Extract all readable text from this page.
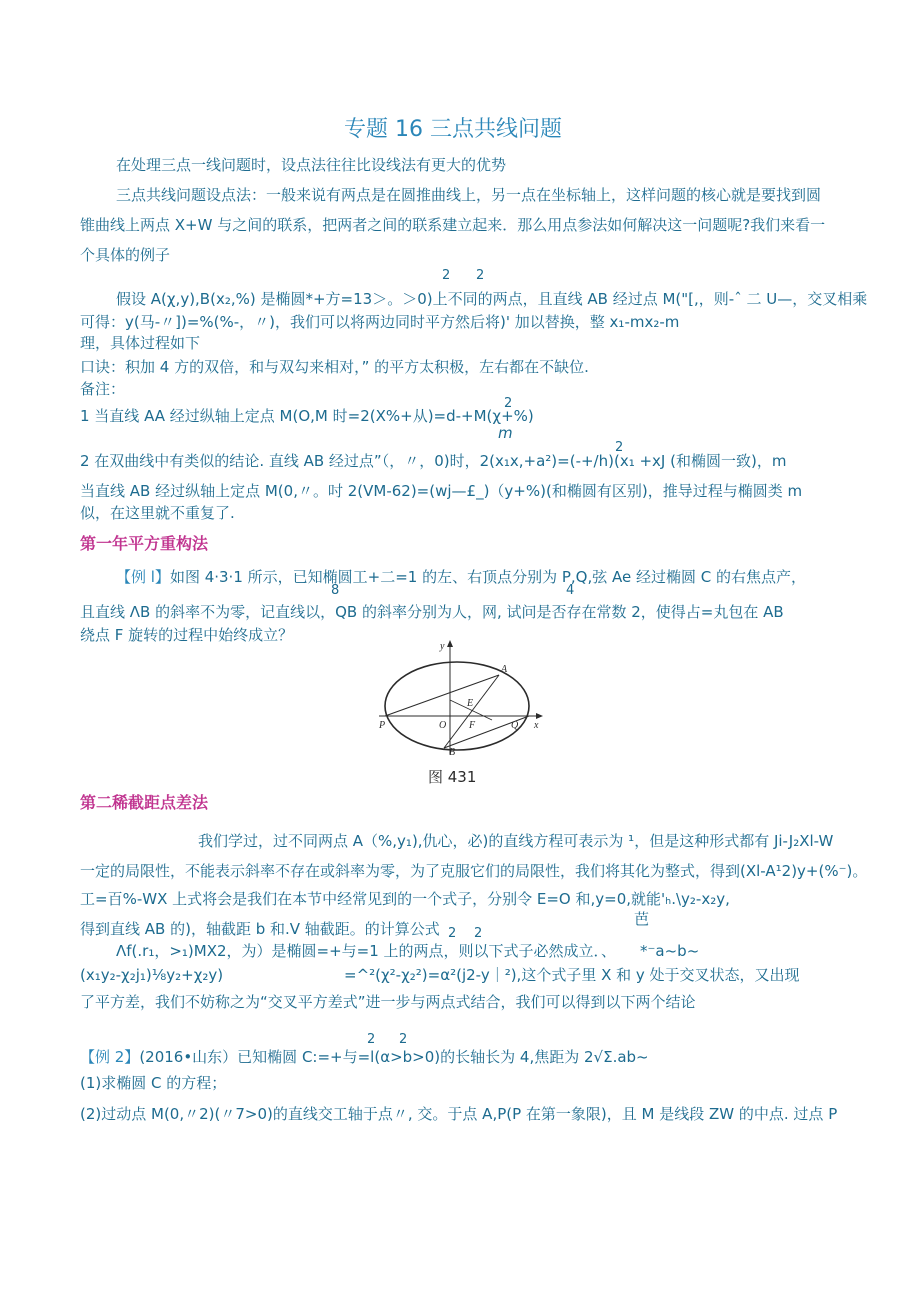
专题 16 三点共线问题
在处理三点一线问题时，设点法往往比设线法有更大的优势
三点共线问题设点法：一般来说有两点是在圆推曲线上，另一点在坐标轴上，这样问题的核心就是要找到圆
锥曲线上两点 X+W 与之间的联系，把两者之间的联系建立起来．那么用点参法如何解决这一问题呢?我们来看一
个具体的例子
2 2
假设 A(χ,y),B(x₂,%) 是椭圆*+方=13＞。＞0)上不同的两点，且直线 AB 经过点 M("[,，则-ˆ 二 U—，交叉相乘
可得：y(马-〃])=%(%-，〃)，我们可以将两边同时平方然后将)' 加以替换，整 x₁-mx₂-m
理，具体过程如下
口诀：积加 4 方的双倍，和与双勾来相对，” 的平方太积极，左右都在不缺位.
备注：
2
1 当直线 AA 经过纵轴上定点 M(O,M 时=2(X%+从)=d-+M(χ+%)
m
2
2 在双曲线中有类似的结论. 直线 AB 经过点”（，〃，0)时，2(x₁x,+a²)=(-+/h)(x₁ +xJ (和椭圆一致)，m
当直线 AB 经过纵轴上定点 M(0,〃。吋 2(VM-62)=(wj—£_)（y+%)(和椭圆有区别)，推导过程与椭圆类 m
似，在这里就不重复了.
第一年平方重构法
8	4
【例 l】如图 4·3·1 所示，已知椭圆工+二=1 的左、右顶点分别为 P,Q,弦 Ae 经过椭圆 C 的右焦点产，
且直线 ΛB 的斜率不为零，记直线以，QB 的斜率分别为人，网, 试问是否存在常数 2，使得占=丸包在 AB
绕点 F 旋转的过程中始终成立？
y
A
E
P	O F	Q x
B
图 431
第二稀截距点差法
我们学过，过不同两点 A（%,y₁),仇心，必)的直线方程可表示为 ¹，但是这种形式都有 Ji-J₂Xl-W
一定的局限性，不能表示斜率不存在或斜率为零，为了克服它们的局限性，我们将其化为整式，得到(Xl-A¹2)y+(%⁻)。
工=百%-WX 上式将会是我们在本节中经常见到的一个式子，分别令 E=O 和,y=0,就能'ₕ.\y₂-x₂y,
芭
得到直线 AB 的)，轴截距 b 和.V 轴截距。的计算公式 2 2
Λf(.r₁，>₁)MX2，为）是椭圆=+与=1 上的两点，则以下式子必然成立．、 *⁻a~b~
(x₁y₂-χ₂j₁)⅛y₂+χ₂y)	=^²(χ²-χ₂²)=α²(j2-y｜²),这个式子里 X 和 y 处于交叉状态，又出现
了平方差，我们不妨称之为“交叉平方差式”进一步与两点式结合，我们可以得到以下两个结论
2 2
【例 2】(2016•山东）已知椭圆 C:=+与=l(α>b>0)的长轴长为 4,焦距为 2√Σ.ab~
(1)求椭圆 C 的方程；
(2)过动点 M(0,〃2)(〃7>0)的直线交工轴于点〃, 交。于点 A,P(P 在第一象限)，且 M 是线段 ZW 的中点. 过点 P
